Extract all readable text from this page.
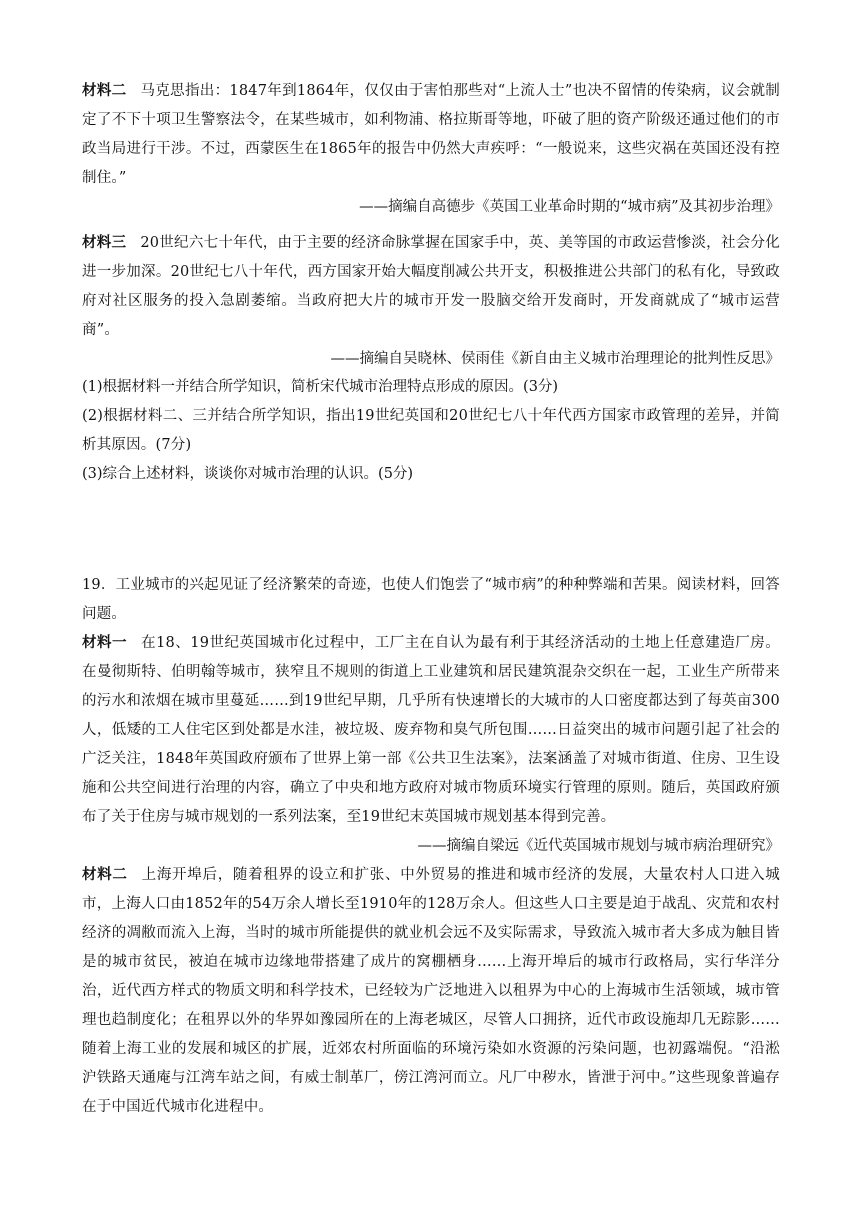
材料二 马克思指出：1847年到1864年，仅仅由于害怕那些对“上流人士”也决不留情的传染病，议会就制定了不下十项卫生警察法令，在某些城市，如利物浦、格拉斯哥等地，吓破了胆的资产阶级还通过他们的市政当局进行干涉。不过，西蒙医生在1865年的报告中仍然大声疾呼：“一般说来，这些灾祸在英国还没有控制住。”

——摘编自高德步《英国工业革命时期的“城市病”及其初步治理》

材料三 20世纪六七十年代，由于主要的经济命脉掌握在国家手中，英、美等国的市政运营惨淡，社会分化进一步加深。20世纪七八十年代，西方国家开始大幅度削减公共开支，积极推进公共部门的私有化，导致政府对社区服务的投入急剧萎缩。当政府把大片的城市开发一股脑交给开发商时，开发商就成了“城市运营商”。

——摘编自吴晓林、侯雨佳《新自由主义城市治理理论的批判性反思》

(1)根据材料一并结合所学知识，简析宋代城市治理特点形成的原因。(3分)

(2)根据材料二、三并结合所学知识，指出19世纪英国和20世纪七八十年代西方国家市政管理的差异，并简析其原因。(7分)

(3)综合上述材料，谈谈你对城市治理的认识。(5分)

19．工业城市的兴起见证了经济繁荣的奇迹，也使人们饱尝了“城市病”的种种弊端和苦果。阅读材料，回答问题。

材料一 在18、19世纪英国城市化过程中，工厂主在自认为最有利于其经济活动的土地上任意建造厂房。在曼彻斯特、伯明翰等城市，狭窄且不规则的街道上工业建筑和居民建筑混杂交织在一起，工业生产所带来的污水和浓烟在城市里蔓延……到19世纪早期，几乎所有快速增长的大城市的人口密度都达到了每英亩300人，低矮的工人住宅区到处都是水洼，被垃圾、废弃物和臭气所包围……日益突出的城市问题引起了社会的广泛关注，1848年英国政府颁布了世界上第一部《公共卫生法案》，法案涵盖了对城市街道、住房、卫生设施和公共空间进行治理的内容，确立了中央和地方政府对城市物质环境实行管理的原则。随后，英国政府颁布了关于住房与城市规划的一系列法案，至19世纪末英国城市规划基本得到完善。

——摘编自梁远《近代英国城市规划与城市病治理研究》

材料二 上海开埠后，随着租界的设立和扩张、中外贸易的推进和城市经济的发展，大量农村人口进入城市，上海人口由1852年的54万余人增长至1910年的128万余人。但这些人口主要是迫于战乱、灾荒和农村经济的凋敝而流入上海，当时的城市所能提供的就业机会远不及实际需求，导致流入城市者大多成为触目皆是的城市贫民，被迫在城市边缘地带搭建了成片的窝棚栖身……上海开埠后的城市行政格局，实行华洋分治，近代西方样式的物质文明和科学技术，已经较为广泛地进入以租界为中心的上海城市生活领域，城市管理也趋制度化；在租界以外的华界如豫园所在的上海老城区，尽管人口拥挤，近代市政设施却几无踪影……随着上海工业的发展和城区的扩展，近郊农村所面临的环境污染如水资源的污染问题，也初露端倪。“沿淞沪铁路天通庵与江湾车站之间，有威士制革厂，傍江湾河而立。凡厂中秽水，皆泄于河中。”这些现象普遍存在于中国近代城市化进程中。
